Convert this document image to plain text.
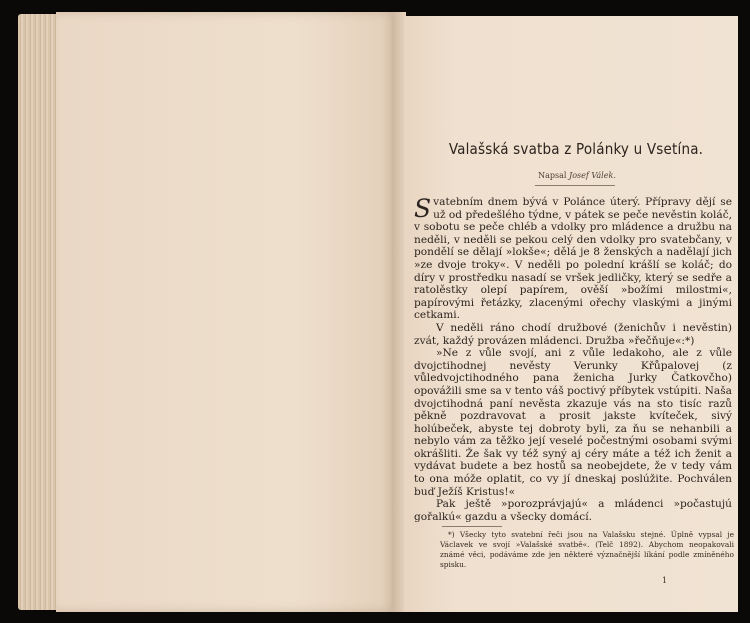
Valašská svatba z Polánky u Vsetína.
Napsal Josef Válek.

Svatebním dnem bývá v Polánce úterý. Přípravy dějí se už od předešlého týdne, v pátek se peče nevěstin koláč, v sobotu se peče chléb a vdolky pro mládence a družbu na neděli, v neděli se pekou celý den vdolky pro svatebčany, v pondělí se dělají »lokše«; dělá je 8 ženských a nadělají jich »ze dvoje troky«. V neděli po polední krášlí se koláč; do díry v prostředku nasadí se vršek jedličky, který se sedře a ratolěstky olepí papírem, ověší »božími milostmi«, papírovými řetázky, zlacenými ořechy vlaskými a jinými cetkami.

V neděli ráno chodí družbové (ženichův i nevěstin) zvát, každý provázen mládenci. Družba »řečňuje«:*)

»Ne z vůle svojí, ani z vůle ledakoho, ale z vůle dvojctihodnej nevěsty Verunky Křůpalovej (z vůledvojctihodného pana ženicha Jurky Čatkovčho) opovážili sme sa v tento váš poctivý příbytek vstúpiti. Naša dvojctihodná paní nevěsta zkazuje vás na sto tisíc razů pěkně pozdravovat a prosit jakste kvíteček, sivý holúbeček, abyste tej dobroty byli, za ňu se nehanbili a nebylo vám za těžko její veselé počestnými osobami svými okrášliti. Že šak vy též syný aj céry máte a též ich ženit a vydávat budete a bez hostů sa neobejdete, že v tedy vám to ona móže oplatit, co vy jí dneskaj poslúžite. Pochválen buď Ježíš Kristus!«

Pak ještě »porozprávjajú« a mládenci »počastujú gořalkú« gazdu a všecky domácí.

*) Všecky tyto svatební řeči jsou na Valašsku stejné. Úplně vypsal je Václavek ve svojí »Valašské svatbě«. (Telč 1892). Abychom neopakovali známé věci, podáváme zde jen některé význačnější líkání podle zmíněného spisku.

1
